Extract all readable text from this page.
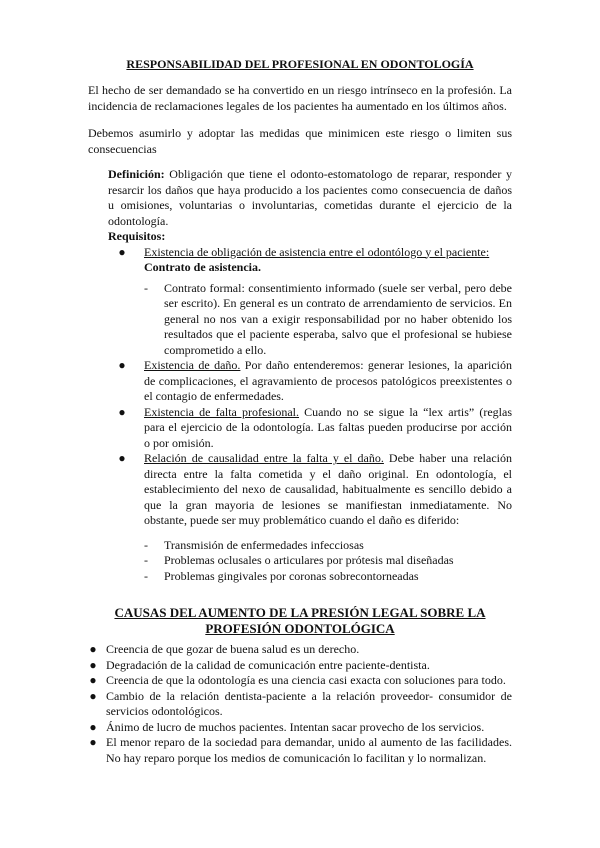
RESPONSABILIDAD DEL PROFESIONAL EN ODONTOLOGÍA

El hecho de ser demandado se ha convertido en un riesgo intrínseco en la profesión. La incidencia de reclamaciones legales de los pacientes ha aumentado en los últimos años.

Debemos asumirlo y adoptar las medidas que minimicen este riesgo o limiten sus consecuencias

Definición: Obligación que tiene el odonto-estomatologo de reparar, responder y resarcir los daños que haya producido a los pacientes como consecuencia de daños u omisiones, voluntarias o involuntarias, cometidas durante el ejercicio de la odontología.

Requisitos:
● Existencia de obligación de asistencia entre el odontólogo y el paciente:
Contrato de asistencia.
- Contrato formal: consentimiento informado (suele ser verbal, pero debe ser escrito). En general es un contrato de arrendamiento de servicios. En general no nos van a exigir responsabilidad por no haber obtenido los resultados que el paciente esperaba, salvo que el profesional se hubiese comprometido a ello.
● Existencia de daño. Por daño entenderemos: generar lesiones, la aparición de complicaciones, el agravamiento de procesos patológicos preexistentes o el contagio de enfermedades.
● Existencia de falta profesional. Cuando no se sigue la “lex artis” (reglas para el ejercicio de la odontología. Las faltas pueden producirse por acción o por omisión.
● Relación de causalidad entre la falta y el daño. Debe haber una relación directa entre la falta cometida y el daño original. En odontología, el establecimiento del nexo de causalidad, habitualmente es sencillo debido a que la gran mayoria de lesiones se manifiestan inmediatamente. No obstante, puede ser muy problemático cuando el daño es diferido:
- Transmisión de enfermedades infecciosas
- Problemas oclusales o articulares por prótesis mal diseñadas
- Problemas gingivales por coronas sobrecontorneadas
CAUSAS DEL AUMENTO DE LA PRESIÓN LEGAL SOBRE LA PROFESIÓN ODONTOLÓGICA
● Creencia de que gozar de buena salud es un derecho.
● Degradación de la calidad de comunicación entre paciente-dentista.
● Creencia de que la odontología es una ciencia casi exacta con soluciones para todo.
● Cambio de la relación dentista-paciente a la relación proveedor- consumidor de servicios odontológicos.
● Ánimo de lucro de muchos pacientes. Intentan sacar provecho de los servicios.
● El menor reparo de la sociedad para demandar, unido al aumento de las facilidades. No hay reparo porque los medios de comunicación lo facilitan y lo normalizan.
